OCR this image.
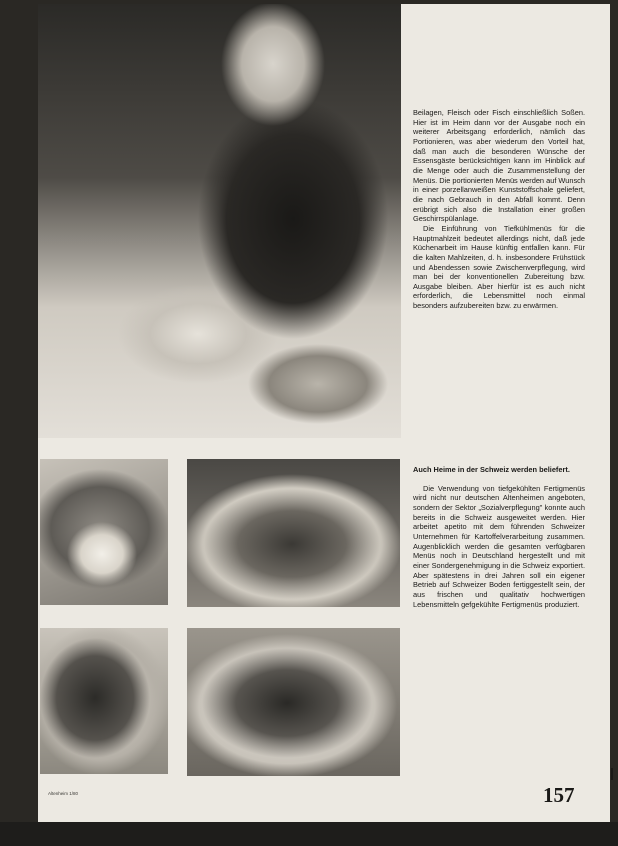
Beilagen, Fleisch oder Fisch einschließlich Soßen. Hier ist im Heim dann vor der Ausgabe noch ein weiterer Arbeitsgang erforderlich, nämlich das Portionieren, was aber wiederum den Vorteil hat, daß man auch die besonderen Wünsche der Essensgäste berücksichtigen kann im Hinblick auf die Menge oder auch die Zusammenstellung der Menüs. Die portionierten Menüs werden auf Wunsch in einer porzellanweißen Kunststoffschale geliefert, die nach Gebrauch in den Abfall kommt. Denn erübrigt sich also die Installation einer großen Geschirrspülanlage.

Die Einführung von Tiefkühlmenüs für die Hauptmahlzeit bedeutet allerdings nicht, daß jede Küchenarbeit im Hause künftig entfallen kann. Für die kalten Mahlzeiten, d. h. insbesondere Frühstück und Abendessen sowie Zwischenverpflegung, wird man bei der konventionellen Zubereitung bzw. Ausgabe bleiben. Aber hierfür ist es auch nicht erforderlich, die Lebensmittel noch einmal besonders aufzubereiten bzw. zu erwärmen.

Auch Heime in der Schweiz werden beliefert.

Die Verwendung von tiefgekühlten Fertigmenüs wird nicht nur deutschen Altenheimen angeboten, sondern der Sektor „Sozialverpflegung" konnte auch bereits in die Schweiz ausgeweitet werden. Hier arbeitet apetito mit dem führenden Schweizer Unternehmen für Kartoffelverarbeitung zusammen. Augenblicklich werden die gesamten verfügbaren Menüs noch in Deutschland hergestellt und mit einer Sondergenehmigung in die Schweiz exportiert. Aber spätestens in drei Jahren soll ein eigener Betrieb auf Schweizer Boden fertiggestellt sein, der aus frischen und qualitativ hochwertigen Lebensmitteln gefgekühlte Fertigmenüs produziert.

Altenheim 1/80	157
